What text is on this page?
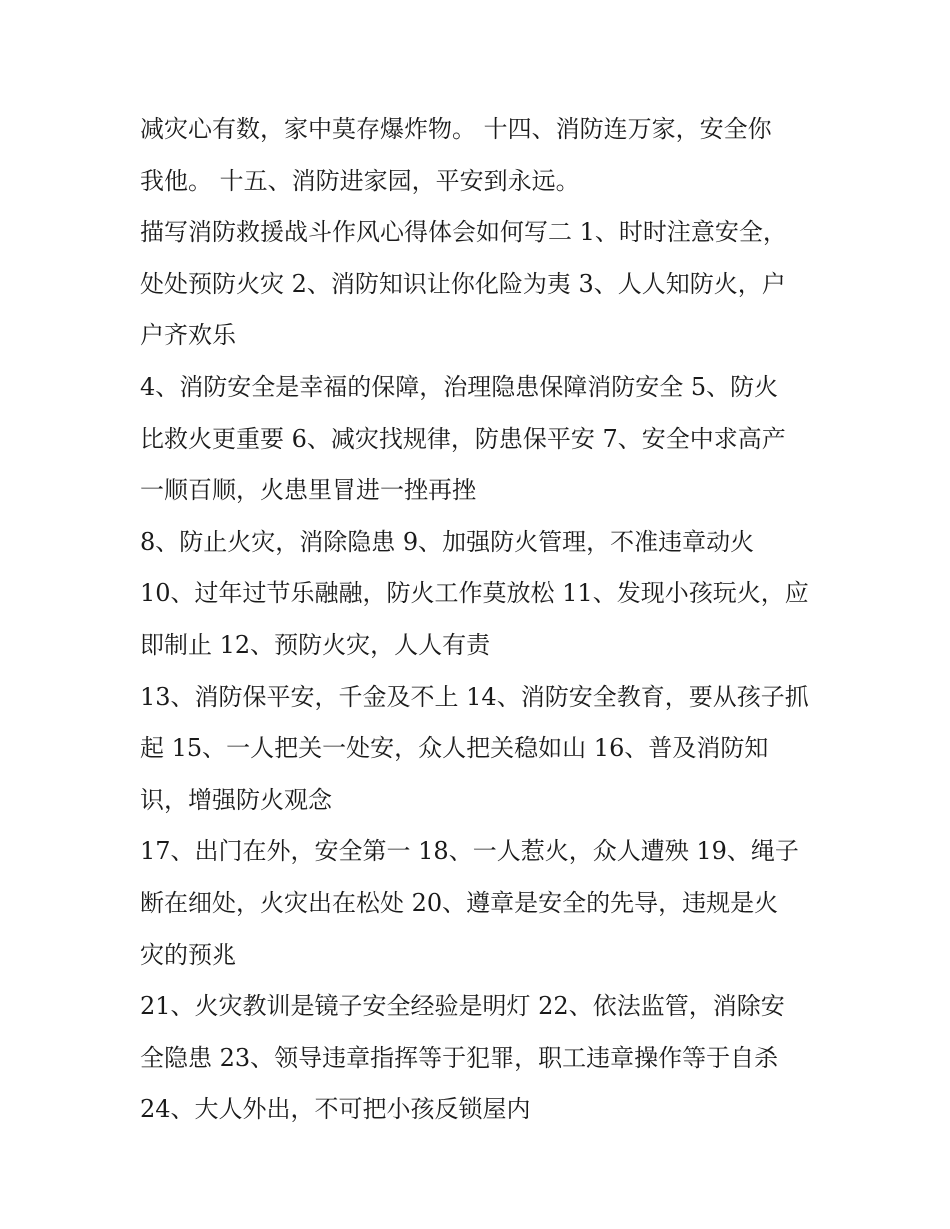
减灾心有数，家中莫存爆炸物。 十四、消防连万家，安全你
我他。 十五、消防进家园，平安到永远。
描写消防救援战斗作风心得体会如何写二 1、时时注意安全，
处处预防火灾 2、消防知识让你化险为夷 3、人人知防火，户
户齐欢乐
4、消防安全是幸福的保障，治理隐患保障消防安全 5、防火
比救火更重要 6、减灾找规律，防患保平安 7、安全中求高产
一顺百顺，火患里冒进一挫再挫
8、防止火灾，消除隐患 9、加强防火管理，不准违章动火
10、过年过节乐融融，防火工作莫放松 11、发现小孩玩火，应
即制止 12、预防火灾，人人有责
13、消防保平安，千金及不上 14、消防安全教育，要从孩子抓
起 15、一人把关一处安，众人把关稳如山 16、普及消防知
识，增强防火观念
17、出门在外，安全第一 18、一人惹火，众人遭殃 19、绳子
断在细处，火灾出在松处 20、遵章是安全的先导，违规是火
灾的预兆
21、火灾教训是镜子安全经验是明灯 22、依法监管，消除安
全隐患 23、领导违章指挥等于犯罪，职工违章操作等于自杀
24、大人外出，不可把小孩反锁屋内
